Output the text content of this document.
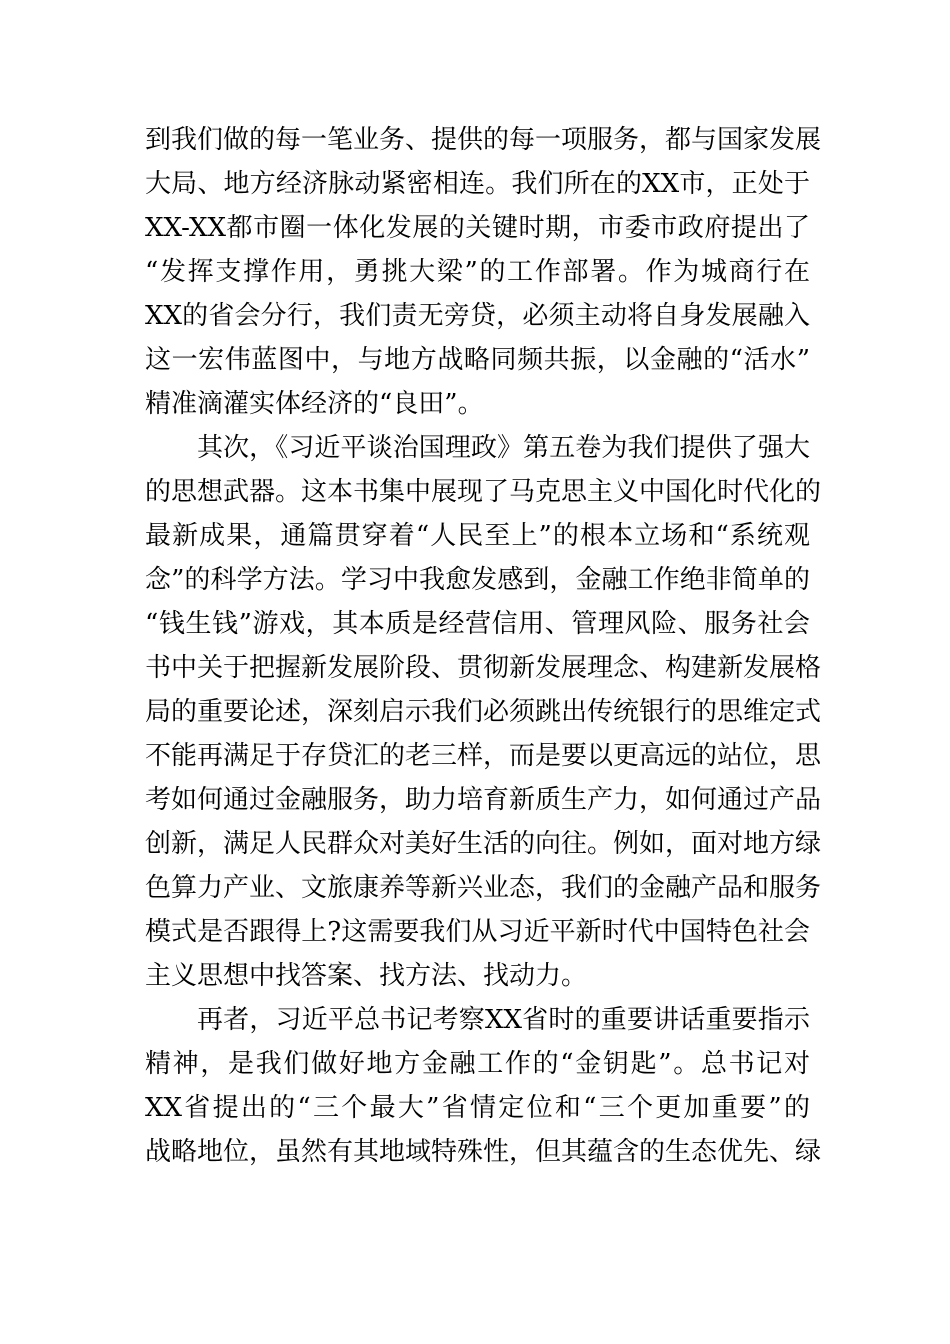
到我们做的每一笔业务、提供的每一项服务，都与国家发展
大局、地方经济脉动紧密相连。我们所在的XX市，正处于
XX-XX都市圈一体化发展的关键时期，市委市政府提出了
“发挥支撑作用，勇挑大梁”的工作部署。作为城商行在
XX的省会分行，我们责无旁贷，必须主动将自身发展融入
这一宏伟蓝图中，与地方战略同频共振，以金融的“活水”
精准滴灌实体经济的“良田”。
其次，《习近平谈治国理政》第五卷为我们提供了强大
的思想武器。这本书集中展现了马克思主义中国化时代化的
最新成果，通篇贯穿着“人民至上”的根本立场和“系统观
念”的科学方法。学习中我愈发感到，金融工作绝非简单的
“钱生钱”游戏，其本质是经营信用、管理风险、服务社会
书中关于把握新发展阶段、贯彻新发展理念、构建新发展格
局的重要论述，深刻启示我们必须跳出传统银行的思维定式
不能再满足于存贷汇的老三样，而是要以更高远的站位，思
考如何通过金融服务，助力培育新质生产力，如何通过产品
创新，满足人民群众对美好生活的向往。例如，面对地方绿
色算力产业、文旅康养等新兴业态，我们的金融产品和服务
模式是否跟得上?这需要我们从习近平新时代中国特色社会
主义思想中找答案、找方法、找动力。
再者，习近平总书记考察XX省时的重要讲话重要指示
精神，是我们做好地方金融工作的“金钥匙”。总书记对
XX省提出的“三个最大”省情定位和“三个更加重要”的
战略地位，虽然有其地域特殊性，但其蕴含的生态优先、绿
